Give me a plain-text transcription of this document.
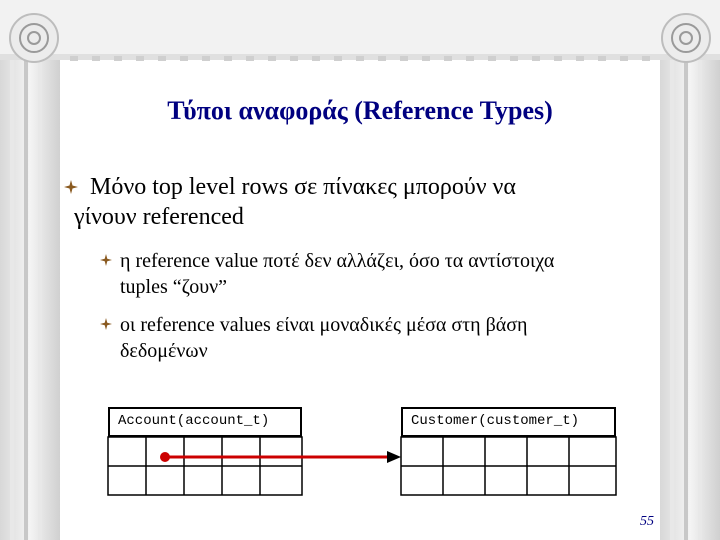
Τύποι αναφοράς (Reference Types)
Μόνο top level rows σε πίνακες μπορούν να
γίνουν referenced
η reference value ποτέ δεν αλλάζει, όσο τα αντίστοιχα
tuples “ζουν”
οι reference values είναι μοναδικές μέσα στη βάση
δεδομένων
Account(account_t)	Customer(customer_t)
55
